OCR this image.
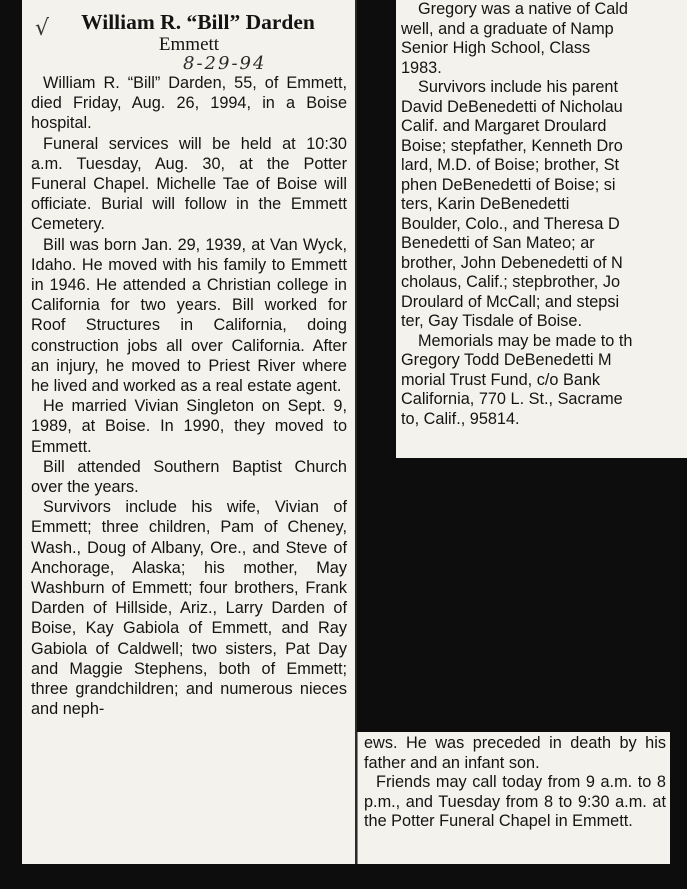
√	William R. “Bill” Darden
Emmett
8-29-94

William R. “Bill” Darden, 55, of Emmett, died Friday, Aug. 26, 1994, in a Boise hospital.

Funeral services will be held at 10:30 a.m. Tuesday, Aug. 30, at the Potter Funeral Chapel. Michelle Tae of Boise will officiate. Burial will follow in the Emmett Cemetery.

Bill was born Jan. 29, 1939, at Van Wyck, Idaho. He moved with his family to Emmett in 1946. He attended a Christian college in California for two years. Bill worked for Roof Structures in California, doing construction jobs all over California. After an injury, he moved to Priest River where he lived and worked as a real estate agent.

He married Vivian Singleton on Sept. 9, 1989, at Boise. In 1990, they moved to Emmett.

Bill attended Southern Baptist Church over the years.

Survivors include his wife, Vivian of Emmett; three children, Pam of Cheney, Wash., Doug of Albany, Ore., and Steve of Anchorage, Alaska; his mother, May Washburn of Emmett; four brothers, Frank Darden of Hillside, Ariz., Larry Darden of Boise, Kay Gabiola of Emmett, and Ray Gabiola of Caldwell; two sisters, Pat Day and Maggie Stephens, both of Emmett; three grandchildren; and numerous nieces and neph-

Gregory was a native of Cald

well, and a graduate of Namp

Senior High School, Class

1983.

Survivors include his parent

David DeBenedetti of Nicholau

Calif. and Margaret Droulard

Boise; stepfather, Kenneth Dro

lard, M.D. of Boise; brother, St

phen DeBenedetti of Boise; si

ters, Karin DeBenedetti

Boulder, Colo., and Theresa D

Benedetti of San Mateo; ar

brother, John Debenedetti of N

cholaus, Calif.; stepbrother, Jo

Droulard of McCall; and stepsi

ter, Gay Tisdale of Boise.

Memorials may be made to th

Gregory Todd DeBenedetti M

morial Trust Fund, c/o Bank

California, 770 L. St., Sacrame

to, Calif., 95814.

ews. He was preceded in death by his father and an infant son.

Friends may call today from 9 a.m. to 8 p.m., and Tuesday from 8 to 9:30 a.m. at the Potter Funeral Chapel in Emmett.
